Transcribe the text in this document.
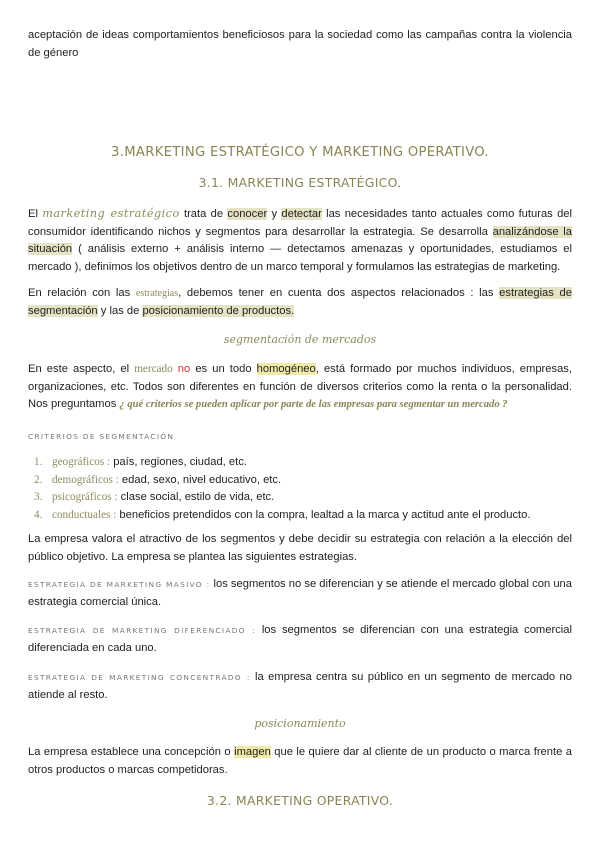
aceptación de ideas comportamientos beneficiosos para la sociedad como las campañas contra la violencia de género

3.MARKETING ESTRATÉGICO Y MARKETING OPERATIVO.
3.1. MARKETING ESTRATÉGICO.

El marketing estratégico trata de conocer y detectar las necesidades tanto actuales como futuras del consumidor identificando nichos y segmentos para desarrollar la estrategia. Se desarrolla analizándose la situación ( análisis externo + análisis interno — detectamos amenazas y oportunidades, estudiamos el mercado ), definimos los objetivos dentro de un marco temporal y formulamos las estrategias de marketing.

En relación con las estrategias, debemos tener en cuenta dos aspectos relacionados : las estrategias de segmentación y las de posicionamiento de productos.

segmentación de mercados

En este aspecto, el mercado no es un todo homogéneo, está formado por muchos individuos, empresas, organizaciones, etc. Todos son diferentes en función de diversos criterios como la renta o la personalidad. Nos preguntamos ¿ qué criterios se pueden aplicar por parte de las empresas para segmentar un mercado ?

CRITERIOS DE SEGMENTACIÓN
1. geográficos : país, regiones, ciudad, etc.
2. demográficos : edad, sexo, nivel educativo, etc.
3. psicográficos : clase social, estilo de vida, etc.
4. conductuales : beneficios pretendidos con la compra, lealtad a la marca y actitud ante el producto.

La empresa valora el atractivo de los segmentos y debe decidir su estrategia con relación a la elección del público objetivo. La empresa se plantea las siguientes estrategias.

ESTRATEGIA DE MARKETING MASIVO : los segmentos no se diferencian y se atiende el mercado global con una estrategia comercial única.

ESTRATEGIA DE MARKETING DIFERENCIADO : los segmentos se diferencian con una estrategia comercial diferenciada en cada uno.

ESTRATEGIA DE MARKETING CONCENTRADO : la empresa centra su público en un segmento de mercado no atiende al resto.

posicionamiento

La empresa establece una concepción o imagen que le quiere dar al cliente de un producto o marca frente a otros productos o marcas competidoras.

3.2. MARKETING OPERATIVO.
